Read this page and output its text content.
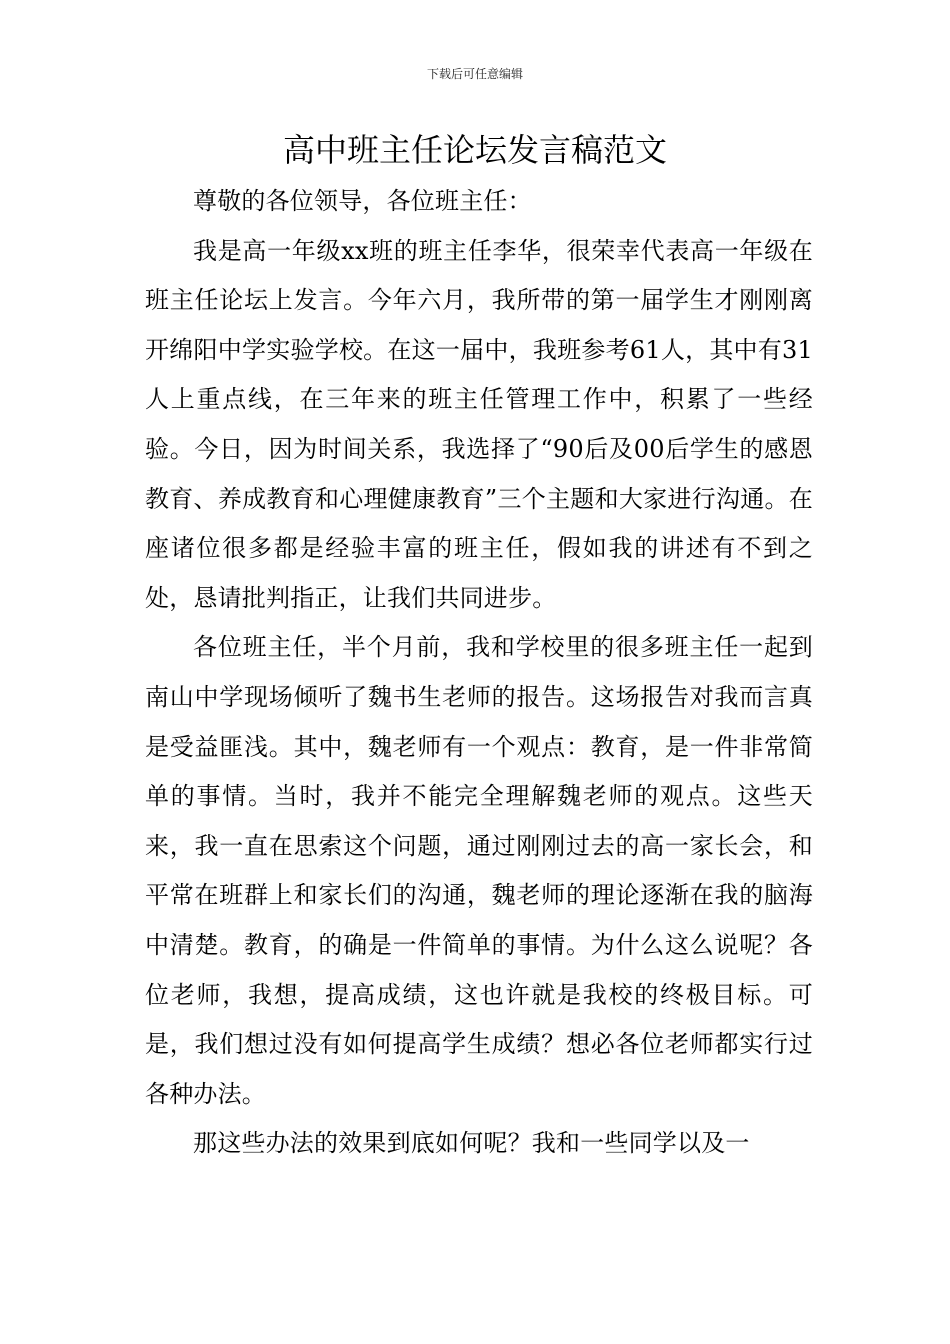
下载后可任意编辑
高中班主任论坛发言稿范文

尊敬的各位领导，各位班主任：

我是高一年级xx班的班主任李华，很荣幸代表高一年级在班主任论坛上发言。今年六月，我所带的第一届学生才刚刚离开绵阳中学实验学校。在这一届中，我班参考61人，其中有31人上重点线，在三年来的班主任管理工作中，积累了一些经验。今日，因为时间关系，我选择了“90后及00后学生的感恩教育、养成教育和心理健康教育”三个主题和大家进行沟通。在座诸位很多都是经验丰富的班主任，假如我的讲述有不到之处，恳请批判指正，让我们共同进步。

各位班主任，半个月前，我和学校里的很多班主任一起到南山中学现场倾听了魏书生老师的报告。这场报告对我而言真是受益匪浅。其中，魏老师有一个观点：教育，是一件非常简单的事情。当时，我并不能完全理解魏老师的观点。这些天来，我一直在思索这个问题，通过刚刚过去的高一家长会，和平常在班群上和家长们的沟通，魏老师的理论逐渐在我的脑海中清楚。教育，的确是一件简单的事情。为什么这么说呢？各位老师，我想，提高成绩，这也许就是我校的终极目标。可是，我们想过没有如何提高学生成绩？想必各位老师都实行过各种办法。

那这些办法的效果到底如何呢？我和一些同学以及一
